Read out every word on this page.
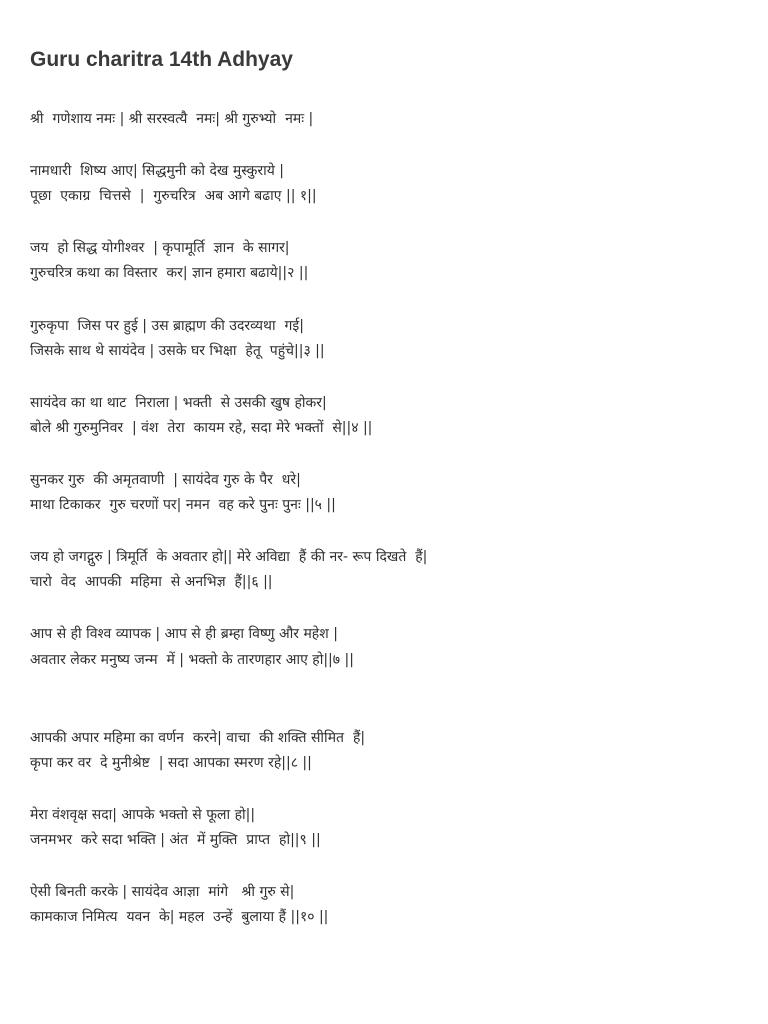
Guru charitra 14th Adhyay

श्री  गणेशाय नमः | श्री सरस्वत्यै  नमः| श्री गुरुभ्यो  नमः |

नामधारी  शिष्य आए| सिद्धमुनी को देख मुस्कुराये |

पूछा  एकाग्र  चित्तसे  |  गुरुचरित्र  अब आगे बढाए || १||

जय  हो सिद्ध योगीश्वर  | कृपामूर्ति  ज्ञान  के सागर|

गुरुचरित्र कथा का विस्तार  कर| ज्ञान हमारा बढाये||२ ||

गुरुकृपा  जिस पर हुई | उस ब्राह्मण की उदरव्यथा  गई|

जिसके साथ थे सायंदेव | उसके घर भिक्षा  हेतू  पहुंचे||३ ||

सायंदेव का था थाट  निराला | भक्ती  से उसकी खुष होकर|

बोले श्री गुरुमुनिवर  | वंश  तेरा  कायम रहे, सदा मेरे भक्तों  से||४ ||

सुनकर गुरु  की अमृतवाणी  | सायंदेव गुरु के पैर  धरे|

माथा टिकाकर  गुरु चरणों पर| नमन  वह करे पुनः पुनः ||५ ||

जय हो जगद्गुरु | त्रिमूर्ति  के अवतार हो|| मेरे अविद्या  हैं की नर- रूप दिखते  हैं|

चारो  वेद  आपकी  महिमा  से अनभिज्ञ  हैं||६ ||

आप से ही विश्व व्यापक | आप से ही ब्रम्हा विष्णु और महेश |

अवतार लेकर मनुष्य जन्म  में | भक्तो के तारणहार आए हो||७ ||

आपकी अपार महिमा का वर्णन  करने| वाचा  की शक्ति सीमित  हैं|

कृपा कर वर  दे मुनीश्रेष्ट  | सदा आपका स्मरण रहे||८ ||

मेरा वंशवृक्ष सदा| आपके भक्तो से फूला हो||

जनमभर  करे सदा भक्ति | अंत  में मुक्ति  प्राप्त  हो||९ ||

ऐसी बिनती करके | सायंदेव आज्ञा  मांगे   श्री गुरु से|

कामकाज निमित्य  यवन  के| महल  उन्हें  बुलाया हैं ||१० ||
